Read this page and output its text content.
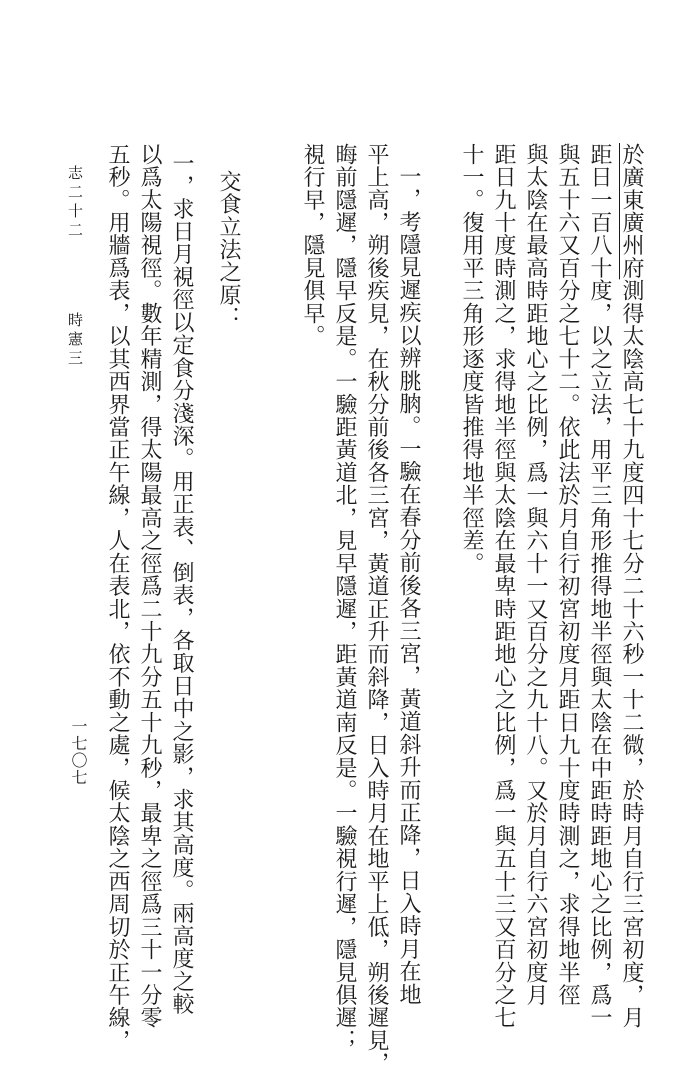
於廣東廣州府測得太陰高七十九度四十七分二十六秒一十二微，於時月自行三宮初度，月
距日一百八十度，以之立法，用平三角形推得地半徑與太陰在中距時距地心之比例，爲一
與五十六又百分之七十二。依此法於月自行初宮初度月距日九十度時測之，求得地半徑
與太陰在最高時距地心之比例，爲一與六十一又百分之九十八。又於月自行六宮初度月
距日九十度時測之，求得地半徑與太陰在最卑時距地心之比例，爲一與五十三又百分之七
十一。復用平三角形逐度皆推得地半徑差。
一，考隱見遲疾以辨朓朒。一驗在春分前後各三宮，黃道斜升而正降，日入時月在地
平上高，朔後疾見，在秋分前後各三宮，黃道正升而斜降，日入時月在地平上低，朔後遲見，
晦前隱遲，隱早反是。一驗距黃道北，見早隱遲，距黃道南反是。一驗視行遲，隱見俱遲；
視行早，隱見俱早。
交食立法之原：
一，求日月視徑以定食分淺深。用正表、倒表，各取日中之影，求其高度。兩高度之較
以爲太陽視徑。數年精測，得太陽最高之徑爲二十九分五十九秒，最卑之徑爲三十一分零
五秒。用牆爲表，以其西界當正午線，人在表北，依不動之處，候太陰之西周切於正午線，
志二十二
時憲三
一七〇七
